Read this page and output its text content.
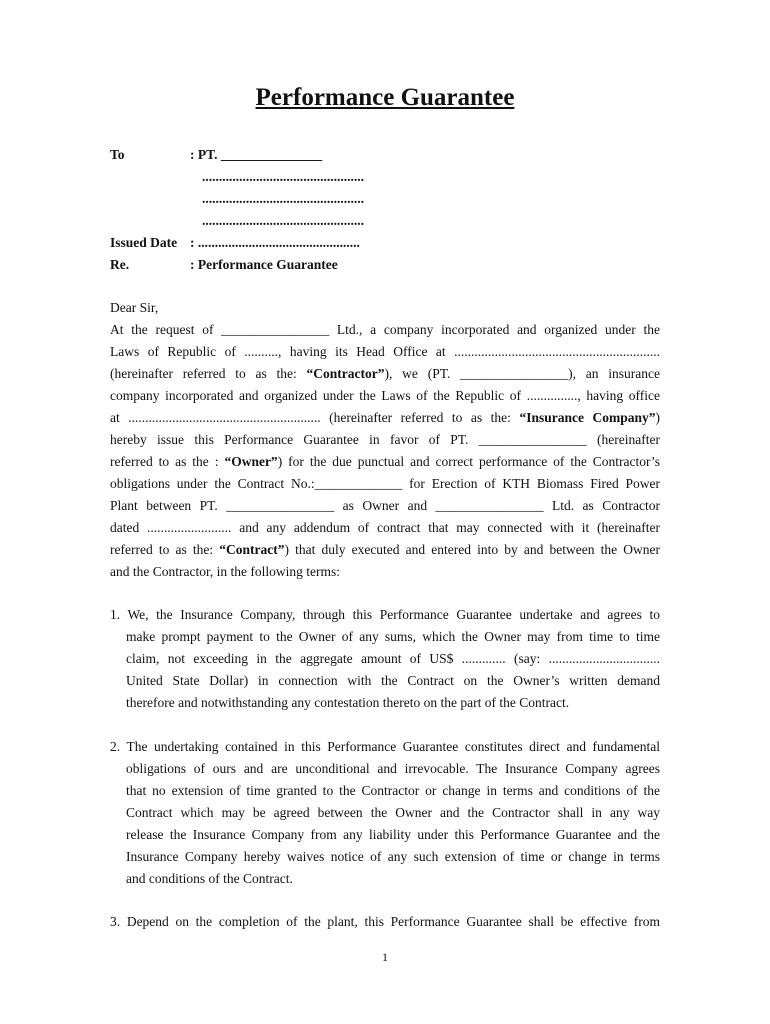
Performance Guarantee
To	: PT. _______________
................................................
................................................
................................................
Issued Date : ................................................
Re.	: Performance Guarantee
Dear Sir,
At the request of ________________ Ltd., a company incorporated and organized under the
Laws of Republic of .........., having its Head Office at .............................................................
(hereinafter referred to as the: “Contractor”), we (PT. ________________), an insurance
company incorporated and organized under the Laws of the Republic of ..............., having office
at ......................................................... (hereinafter referred to as the: “Insurance Company”)
hereby issue this Performance Guarantee in favor of PT. ________________ (hereinafter
referred to as the : “Owner”) for the due punctual and correct performance of the Contractor’s
obligations under the Contract No.:_____________ for Erection of KTH Biomass Fired Power
Plant between PT. ________________ as Owner and ________________ Ltd. as Contractor
dated ......................... and any addendum of contract that may connected with it (hereinafter
referred to as the: “Contract”) that duly executed and entered into by and between the Owner
and the Contractor, in the following terms:
1. We, the Insurance Company, through this Performance Guarantee undertake and agrees to
make prompt payment to the Owner of any sums, which the Owner may from time to time
claim, not exceeding in the aggregate amount of US$ ............. (say: .................................
United State Dollar) in connection with the Contract on the Owner’s written demand
therefore and notwithstanding any contestation thereto on the part of the Contract.
2. The undertaking contained in this Performance Guarantee constitutes direct and fundamental
obligations of ours and are unconditional and irrevocable. The Insurance Company agrees
that no extension of time granted to the Contractor or change in terms and conditions of the
Contract which may be agreed between the Owner and the Contractor shall in any way
release the Insurance Company from any liability under this Performance Guarantee and the
Insurance Company hereby waives notice of any such extension of time or change in terms
and conditions of the Contract.
3. Depend on the completion of the plant, this Performance Guarantee shall be effective from
1
